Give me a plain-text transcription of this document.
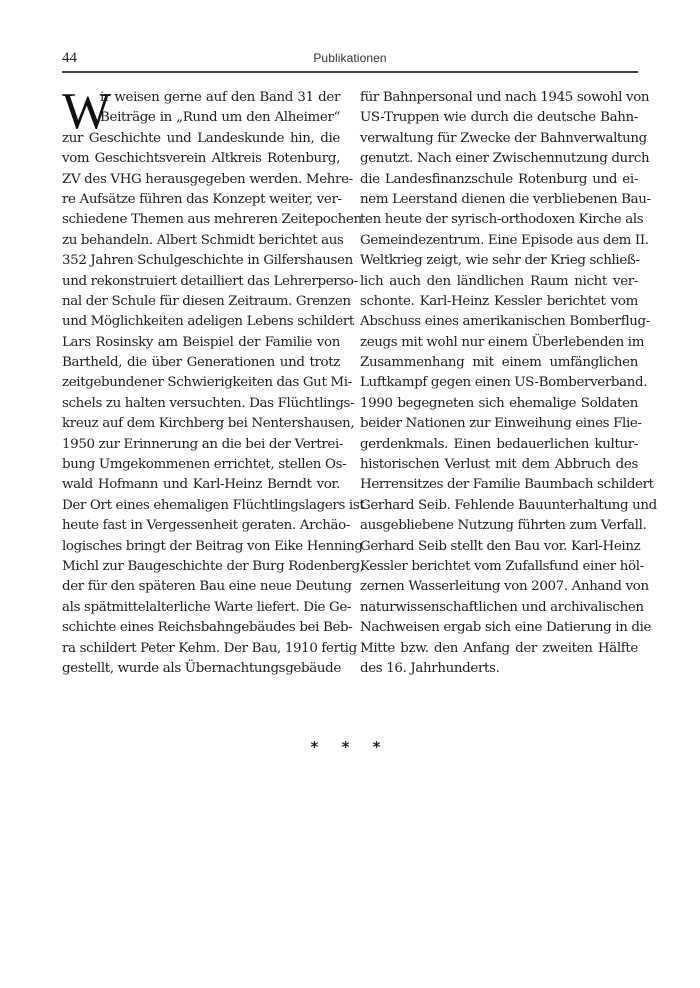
44	Publikationen
W
ir weisen gerne auf den Band 31 der
Beiträge in „Rund um den Alheimer“
zur Geschichte und Landeskunde hin, die
vom Geschichtsverein Altkreis Rotenburg,
ZV des VHG herausgegeben werden. Mehre-
re Aufsätze führen das Konzept weiter, ver-
schiedene Themen aus mehreren Zeitepochen
zu behandeln. Albert Schmidt berichtet aus
352 Jahren Schulgeschichte in Gilfershausen
und rekonstruiert detailliert das Lehrerperso-
nal der Schule für diesen Zeitraum. Grenzen
und Möglichkeiten adeligen Lebens schildert
Lars Rosinsky am Beispiel der Familie von
Bartheld, die über Generationen und trotz
zeitgebundener Schwierigkeiten das Gut Mi-
schels zu halten versuchten. Das Flüchtlings-
kreuz auf dem Kirchberg bei Nentershausen,
1950 zur Erinnerung an die bei der Vertrei-
bung Umgekommenen errichtet, stellen Os-
wald Hofmann und Karl-Heinz Berndt vor.
Der Ort eines ehemaligen Flüchtlingslagers ist
heute fast in Vergessenheit geraten. Archäo-
logisches bringt der Beitrag von Eike Henning
Michl zur Baugeschichte der Burg Rodenberg,
der für den späteren Bau eine neue Deutung
als spätmittelalterliche Warte liefert. Die Ge-
schichte eines Reichsbahngebäudes bei Beb-
ra schildert Peter Kehm. Der Bau, 1910 fertig
gestellt, wurde als Übernachtungsgebäude
für Bahnpersonal und nach 1945 sowohl von
US-Truppen wie durch die deutsche Bahn-
verwaltung für Zwecke der Bahnverwaltung
genutzt. Nach einer Zwischennutzung durch
die Landesfinanzschule Rotenburg und ei-
nem Leerstand dienen die verbliebenen Bau-
ten heute der syrisch-orthodoxen Kirche als
Gemeindezentrum. Eine Episode aus dem II.
Weltkrieg zeigt, wie sehr der Krieg schließ-
lich auch den ländlichen Raum nicht ver-
schonte. Karl-Heinz Kessler berichtet vom
Abschuss eines amerikanischen Bomberflug-
zeugs mit wohl nur einem Überlebenden im
Zusammenhang mit einem umfänglichen
Luftkampf gegen einen US-Bomberverband.
1990 begegneten sich ehemalige Soldaten
beider Nationen zur Einweihung eines Flie-
gerdenkmals. Einen bedauerlichen kultur-
historischen Verlust mit dem Abbruch des
Herrensitzes der Familie Baumbach schildert
Gerhard Seib. Fehlende Bauunterhaltung und
ausgebliebene Nutzung führten zum Verfall.
Gerhard Seib stellt den Bau vor. Karl-Heinz
Kessler berichtet vom Zufallsfund einer höl-
zernen Wasserleitung von 2007. Anhand von
naturwissenschaftlichen und archivalischen
Nachweisen ergab sich eine Datierung in die
Mitte bzw. den Anfang der zweiten Hälfte
des 16. Jahrhunderts.
* * *
